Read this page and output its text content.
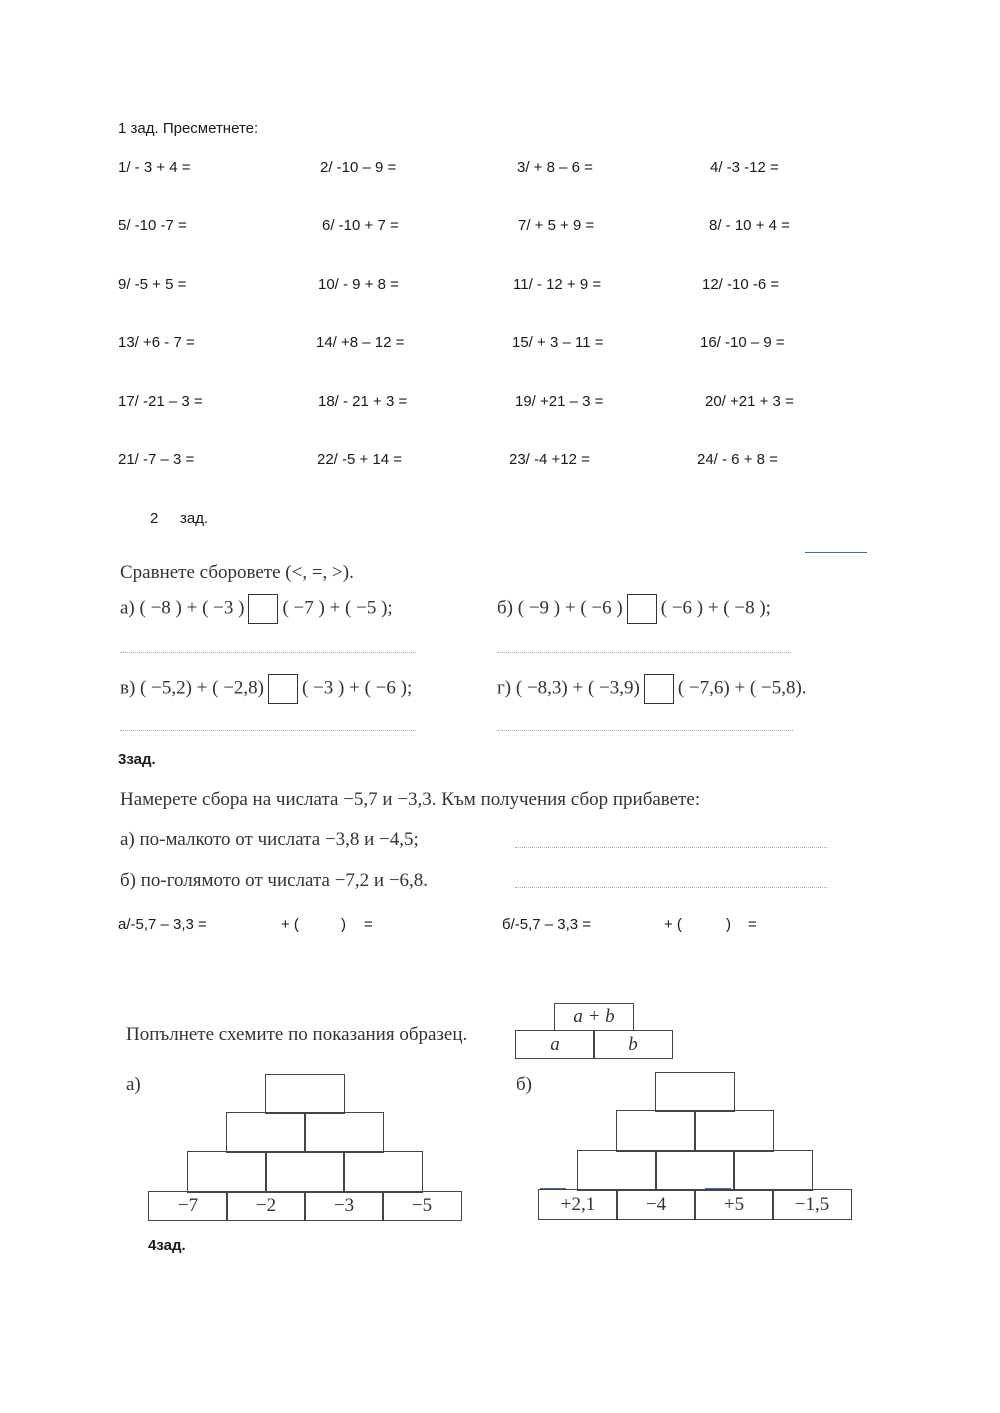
1 зад. Пресметнете:
1/ - 3 + 4 =	2/ -10 – 9 =	3/ + 8 – 6 =	4/ -3 -12 =
5/ -10 -7 =	6/ -10 + 7 =	7/ + 5 + 9 =	8/ - 10 + 4 =
9/ -5 + 5 =	10/ - 9 + 8 =	11/ - 12 + 9 =	12/ -10 -6 =
13/ +6 - 7 =	14/ +8 – 12 =	15/ + 3 – 11 =	16/ -10 – 9 =
17/ -21 – 3 =	18/ - 21 + 3 =	19/ +21 – 3 =	20/ +21 + 3 =
21/ -7 – 3 =	22/ -5 + 14 =	23/ -4 +12 =	24/ - 6 + 8 =
2 зад.
Сравнете сборовете (<, =, >).
а) ( −8 ) + ( −3 ) ( −7 ) + ( −5 );	б) ( −9 ) + ( −6 ) ( −6 ) + ( −8 );
в) ( −5,2) + ( −2,8) ( −3 ) + ( −6 );	г) ( −8,3) + ( −3,9) ( −7,6) + ( −5,8).
3зад.
Намерете сбора на числата −5,7 и −3,3. Към получения сбор прибавете:
а) по-малкото от числата −3,8 и −4,5;
б) по-голямото от числата −7,2 и −6,8.
а/-5,7 – 3,3 =	+ (	) =	б/-5,7 – 3,3 =	+ (	) =
Попълнете схемите по показания образец.
a + b
a	b
а)	б)
−7	−2	−3	−5	+2,1	−4	+5	−1,5
4зад.
